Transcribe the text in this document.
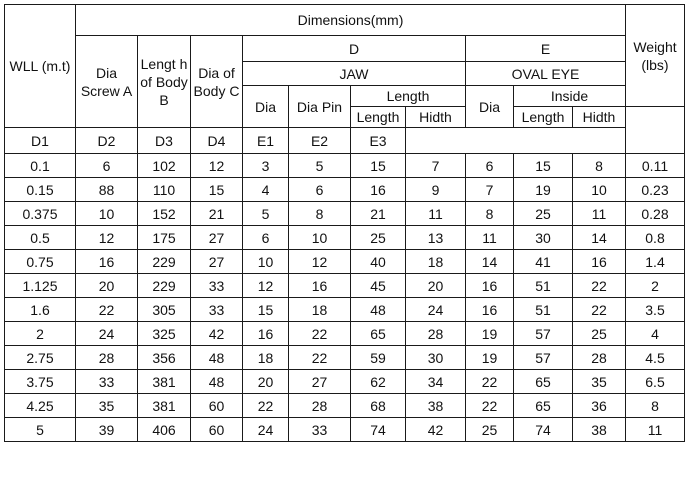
WLL (m.t)	Dimensions(mm)										Weight (lbs)
	Dia Screw A	Lengt h of Body B	Dia of Body C	D				E			
				JAW				OVAL EYE			
				Dia	Dia Pin	Length		Dia	Inside		
						Length	Hidth		Length	Hidth	
D1	D2	D3	D4	E1	E2	E3					
0.1	6	102	12	3	5	15	7	6	15	8	0.11
0.15	88	110	15	4	6	16	9	7	19	10	0.23
0.375	10	152	21	5	8	21	11	8	25	11	0.28
0.5	12	175	27	6	10	25	13	11	30	14	0.8
0.75	16	229	27	10	12	40	18	14	41	16	1.4
1.125	20	229	33	12	16	45	20	16	51	22	2
1.6	22	305	33	15	18	48	24	16	51	22	3.5
2	24	325	42	16	22	65	28	19	57	25	4
2.75	28	356	48	18	22	59	30	19	57	28	4.5
3.75	33	381	48	20	27	62	34	22	65	35	6.5
4.25	35	381	60	22	28	68	38	22	65	36	8
5	39	406	60	24	33	74	42	25	74	38	11
